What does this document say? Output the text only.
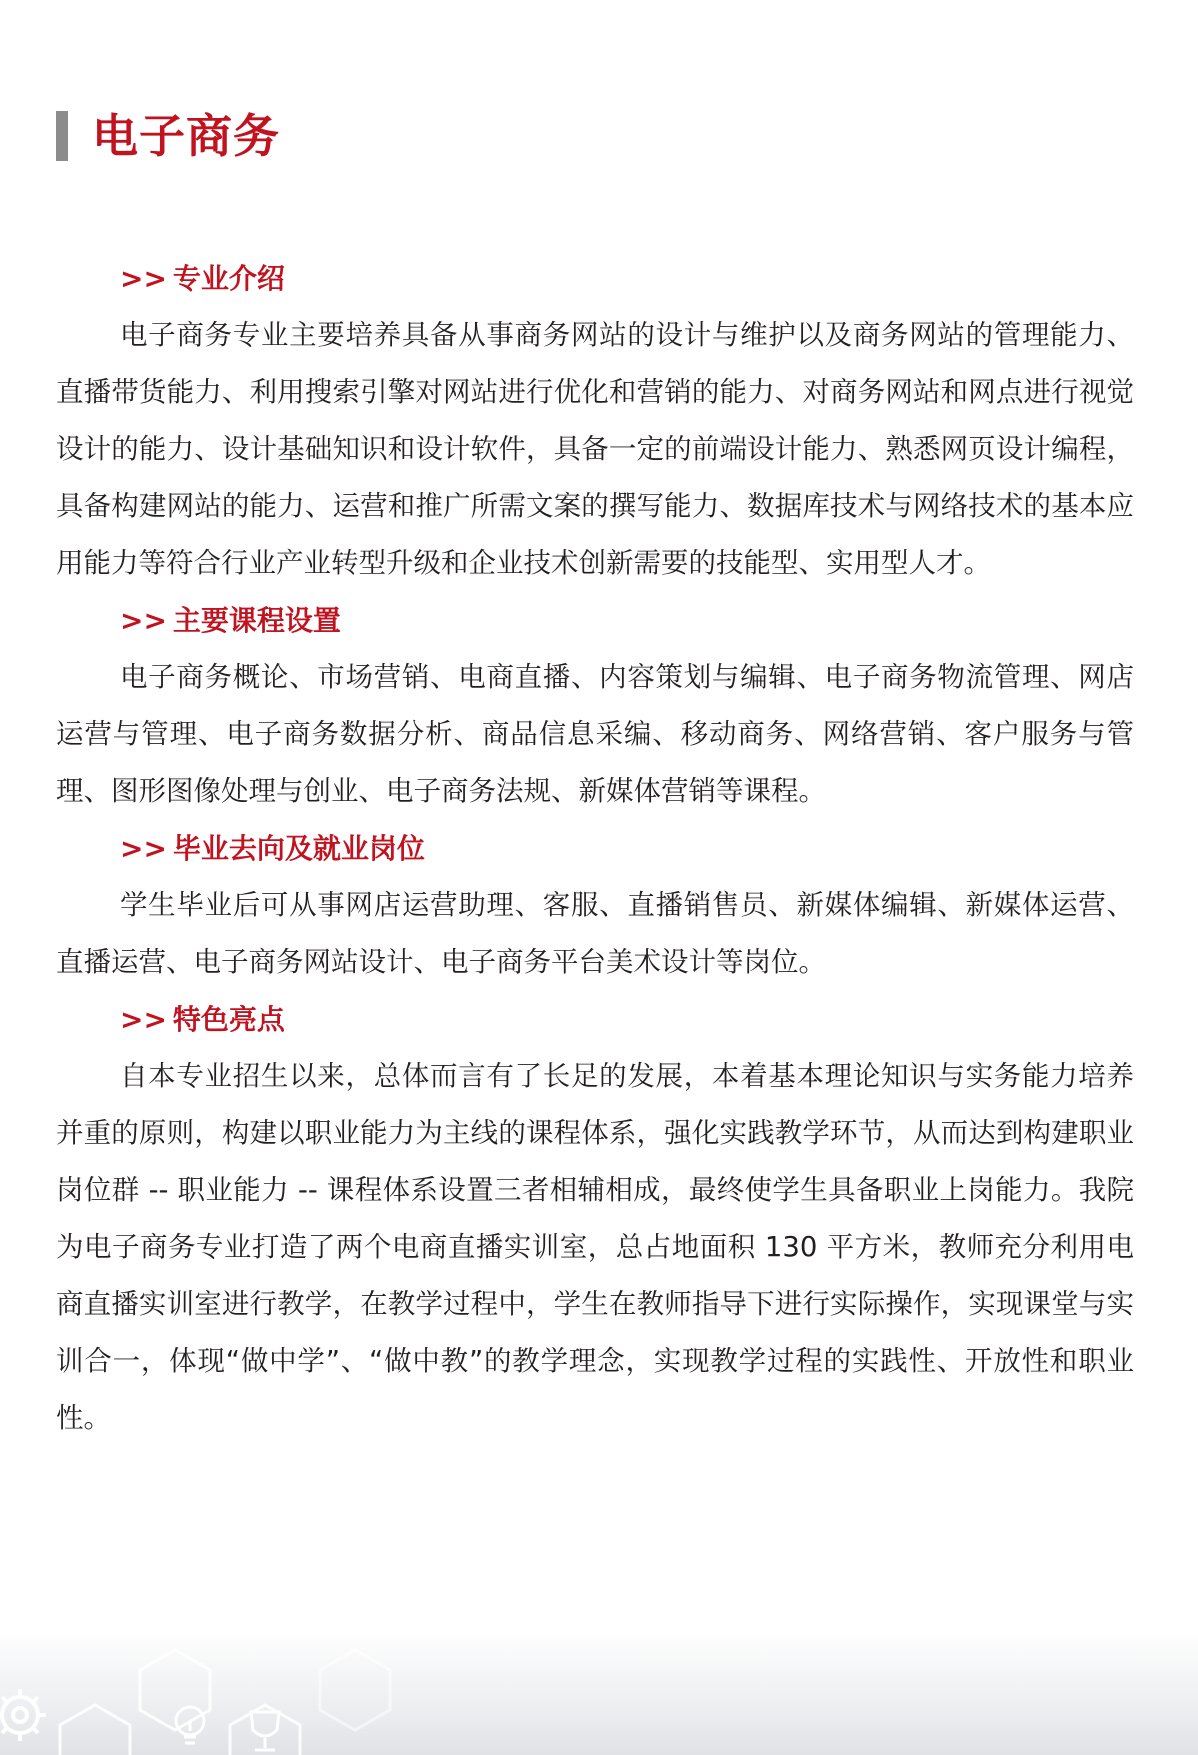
电子商务
>> 专业介绍

电子商务专业主要培养具备从事商务网站的设计与维护以及商务网站的管理能力、直播带货能力、利用搜索引擎对网站进行优化和营销的能力、对商务网站和网点进行视觉设计的能力、设计基础知识和设计软件，具备一定的前端设计能力、熟悉网页设计编程，具备构建网站的能力、运营和推广所需文案的撰写能力、数据库技术与网络技术的基本应用能力等符合行业产业转型升级和企业技术创新需要的技能型、实用型人才。

>> 主要课程设置

电子商务概论、市场营销、电商直播、内容策划与编辑、电子商务物流管理、网店运营与管理、电子商务数据分析、商品信息采编、移动商务、网络营销、客户服务与管理、图形图像处理与创业、电子商务法规、新媒体营销等课程。

>> 毕业去向及就业岗位

学生毕业后可从事网店运营助理、客服、直播销售员、新媒体编辑、新媒体运营、直播运营、电子商务网站设计、电子商务平台美术设计等岗位。

>> 特色亮点

自本专业招生以来，总体而言有了长足的发展，本着基本理论知识与实务能力培养并重的原则，构建以职业能力为主线的课程体系，强化实践教学环节，从而达到构建职业岗位群 -- 职业能力 -- 课程体系设置三者相辅相成，最终使学生具备职业上岗能力。我院为电子商务专业打造了两个电商直播实训室，总占地面积 130 平方米，教师充分利用电商直播实训室进行教学，在教学过程中，学生在教师指导下进行实际操作，实现课堂与实训合一，体现“做中学”、“做中教”的教学理念，实现教学过程的实践性、开放性和职业性。
